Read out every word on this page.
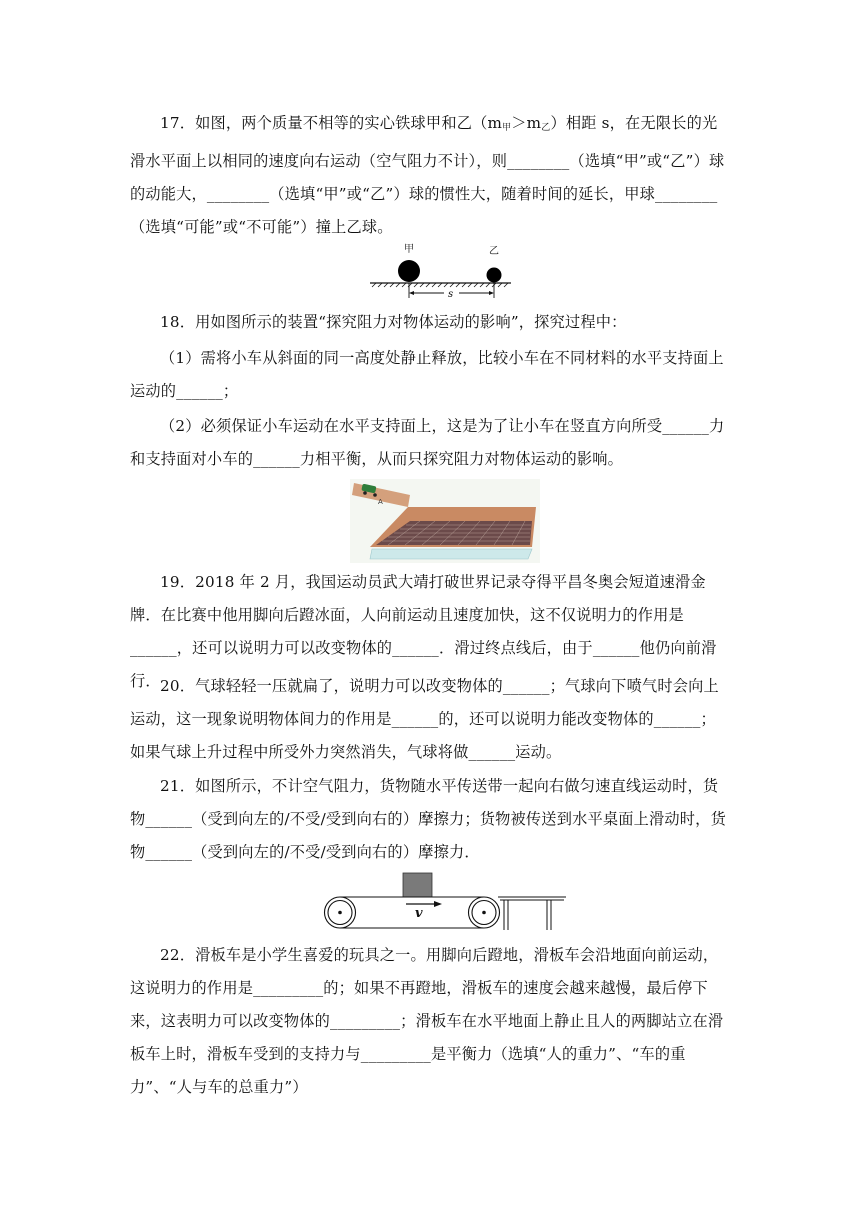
17．如图，两个质量不相等的实心铁球甲和乙$(m_甲>m_乙)$相距 s，在无限长的光滑水平面上以相同的速度向右运动（空气阻力不计），则________（选填“甲”或“乙”）球的动能大，________（选填“甲”或“乙”）球的惯性大，随着时间的延长，甲球________（选填“可能”或“不可能”）撞上乙球。

甲	乙
s

18．用如图所示的装置“探究阻力对物体运动的影响”，探究过程中：

（1）需将小车从斜面的同一高度处静止释放，比较小车在不同材料的水平支持面上运动的______；

（2）必须保证小车运动在水平支持面上，这是为了让小车在竖直方向所受______力和支持面对小车的______力相平衡，从而只探究阻力对物体运动的影响。

A

19．2018 年 2 月，我国运动员武大靖打破世界记录夺得平昌冬奥会短道速滑金牌．在比赛中他用脚向后蹬冰面，人向前运动且速度加快，这不仅说明力的作用是______，还可以说明力可以改变物体的______．滑过终点线后，由于______他仍向前滑行． 20．气球轻轻一压就扁了，说明力可以改变物体的______；气球向下喷气时会向上运动，这一现象说明物体间力的作用是______的，还可以说明力能改变物体的______；如果气球上升过程中所受外力突然消失，气球将做______运动。

21．如图所示，不计空气阻力，货物随水平传送带一起向右做匀速直线运动时，货物______（受到向左的/不受/受到向右的）摩擦力；货物被传送到水平桌面上滑动时，货物______（受到向左的/不受/受到向右的）摩擦力．

v

22．滑板车是小学生喜爱的玩具之一。用脚向后蹬地，滑板车会沿地面向前运动，这说明力的作用是_________的；如果不再蹬地，滑板车的速度会越来越慢，最后停下来，这表明力可以改变物体的_________；滑板车在水平地面上静止且人的两脚站立在滑板车上时，滑板车受到的支持力与_________是平衡力（选填“人的重力”、“车的重力”、“人与车的总重力”）
